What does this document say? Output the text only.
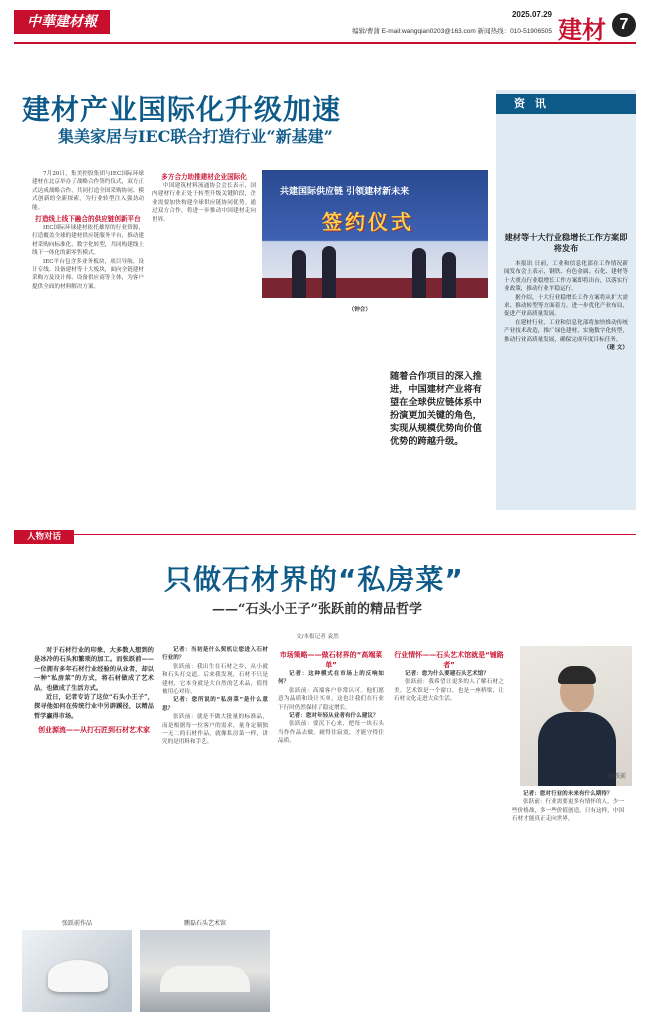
中華建材報	2025.07.29
编辑/曹蒲 E-mail:wangqian0203@163.com 新闻热线：010-51906505 建材 7
建材产业国际化升级加速
集美家居与IEC联合打造行业“新基建”

7月20日，集美控股集团与IEC国际环球建材在北京举办了战略合作签约仪式，双方正式达成战略合作，共同打造全国采购协同、模式创新的全新探索，为行业转型注入强劲动能。

打造线上线下融合的供应链创新平台

IEC国际环球建材依托雄厚的行业资源，打造覆盖全球的建材供应链服务平台，推动建材采购向标准化、数字化转型，共同构建线上线下一体化的新零售模式。

IEC平台包含多业务板块，项目导航、设计专线、设备建材等十大板块，面向全链建材采购方及设计师、设备供应商等主体，为客户提供全面的材料解决方案。

多方合力助推建材企业国际化

中国建筑材料流通协会会长表示，国内建材行业正处于转型升级关键阶段，企业需要加快构建全球供应链协同优势。通过双方合作，将进一步推动中国建材走向世界。

共建国际供应链 引领建材新未来
签约仪式

（钟合）

随着合作项目的深入推进，中国建材产业将有望在全球供应链体系中扮演更加关键的角色，实现从规模优势向价值优势的跨越升级。
资 讯
建材等十大行业稳增长工作方案即将发布

本报讯 日前，工业和信息化部在工作情况新闻发布会上表示，钢铁、有色金属、石化、建材等十大重点行业稳增长工作方案即将出台，以落实行业政策，推动行业平稳运行。

据介绍，十大行业稳增长工作方案将从扩大需求、推动转型等方面着力，进一步优化产业布局，促进产业高质量发展。

在建材行业，工业和信息化部将加快推动传统产业技术改造，推广绿色建材，实施数字化转型，推动行业高质量发展，确保完成年度目标任务。

（建 文）

人物对话
只做石材界的“私房菜”
——“石头小王子”张跃前的精品哲学
文/本报记者 袁然

对于石材行业的印象，大多数人想到的是冰冷的石头和繁琐的加工。而张跃前——一位拥有多年石材行业经验的从业者，却以一种“私房菜”的方式，将石材做成了艺术品，也做成了生活方式。

近日，记者专访了这位“石头小王子”，探寻他如何在传统行业中另辟蹊径，以精品哲学赢得市场。

创业源流——从打石匠到石材艺术家

记者：当初是什么契机让您进入石材行业的？

张跃前：我出生在石材之乡，从小就和石头打交道。后来我发现，石材不只是建材，它本身就是大自然的艺术品，值得被用心对待。

记者：您所说的“私房菜”是什么意思？

张跃前：就是不做大批量的标准品，而是根据每一位客户的需求，量身定制独一无二的石材作品，就像私房菜一样，讲究的是用料和手艺。

市场策略——做石材界的“高端菜单”

记者：这种模式在市场上的反响如何？

张跃前：高端客户非常认可。他们愿意为品质和设计买单，这也让我们在行业下行时仍然保持了稳定增长。

记者：您对年轻从业者有什么建议？

张跃前：要沉下心来，把每一块石头当作作品去做。耐得住寂寞，才能守得住品质。

行业情怀——石头艺术馆就是“铺路者”

记者：您为什么要建石头艺术馆？

张跃前：我希望让更多的人了解石材之美。艺术馆是一个窗口，也是一座桥梁，让石材文化走进大众生活。

张跃前

记者：您对行业的未来有什么期待？

张跃前：行业需要更多有情怀的人，少一些价格战，多一些价值创造。只有这样，中国石材才能真正走向世界。

张跃前作品	鹏磊石头艺术馆
